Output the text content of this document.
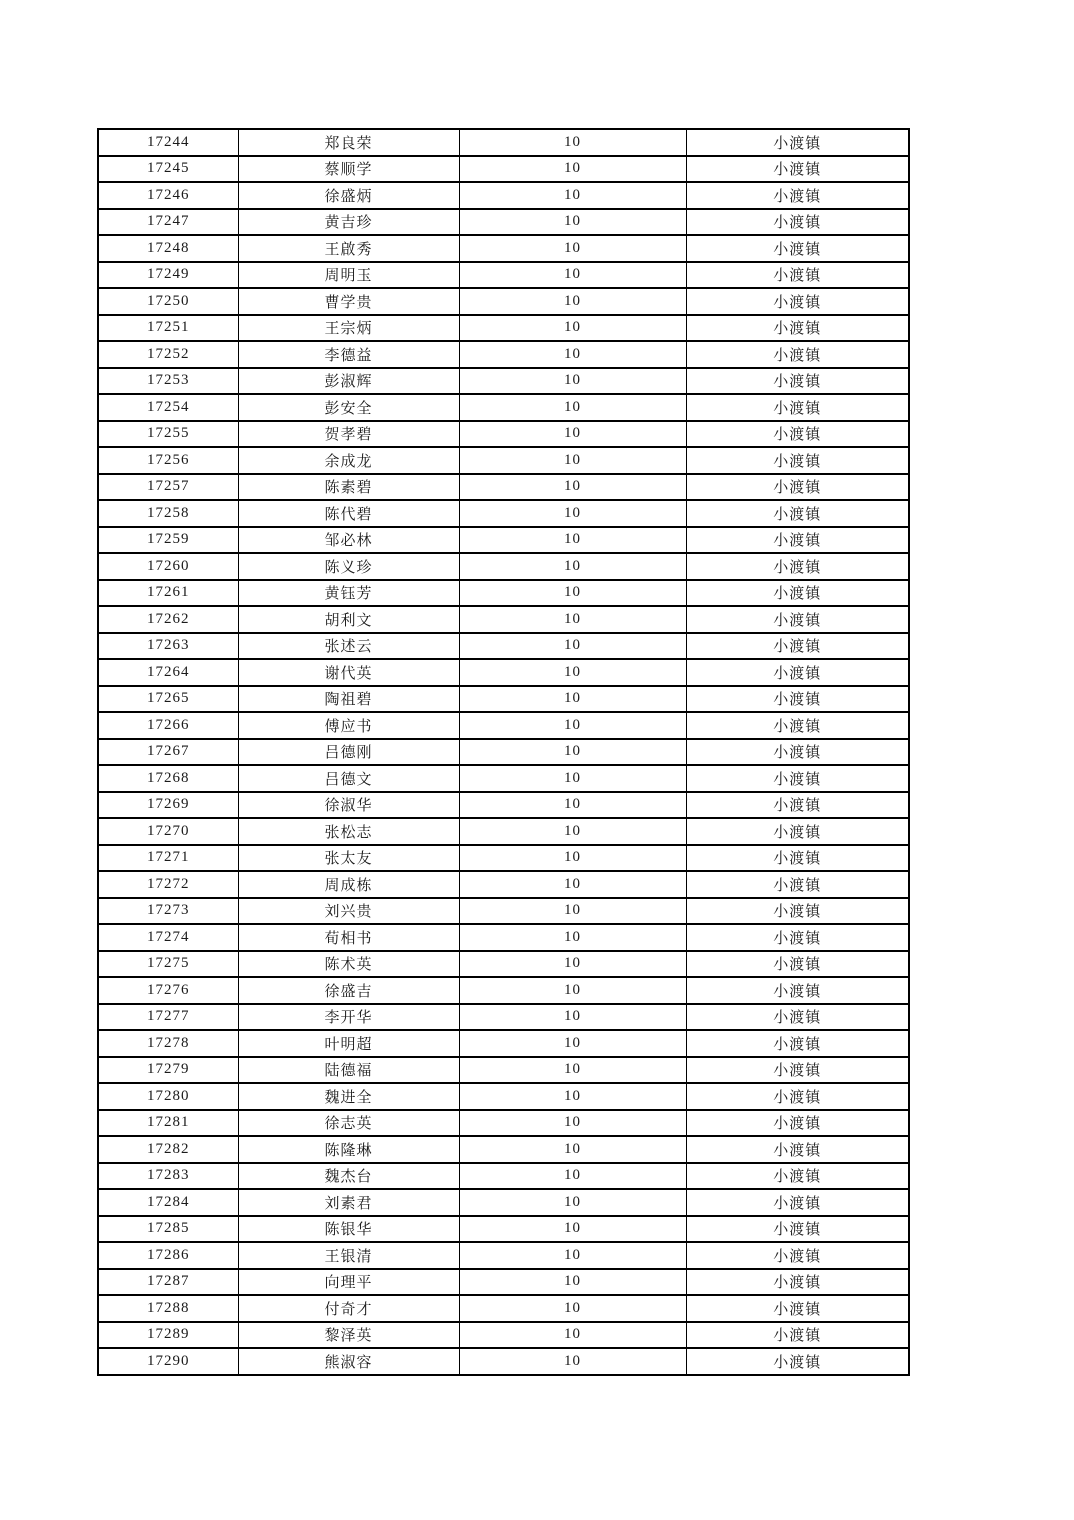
17244	郑良荣	10	小渡镇
17245	蔡顺学	10	小渡镇
17246	徐盛炳	10	小渡镇
17247	黄吉珍	10	小渡镇
17248	王啟秀	10	小渡镇
17249	周明玉	10	小渡镇
17250	曹学贵	10	小渡镇
17251	王宗炳	10	小渡镇
17252	李德益	10	小渡镇
17253	彭淑辉	10	小渡镇
17254	彭安全	10	小渡镇
17255	贺孝碧	10	小渡镇
17256	余成龙	10	小渡镇
17257	陈素碧	10	小渡镇
17258	陈代碧	10	小渡镇
17259	邹必林	10	小渡镇
17260	陈义珍	10	小渡镇
17261	黄钰芳	10	小渡镇
17262	胡利文	10	小渡镇
17263	张述云	10	小渡镇
17264	谢代英	10	小渡镇
17265	陶祖碧	10	小渡镇
17266	傅应书	10	小渡镇
17267	吕德刚	10	小渡镇
17268	吕德文	10	小渡镇
17269	徐淑华	10	小渡镇
17270	张松志	10	小渡镇
17271	张太友	10	小渡镇
17272	周成栋	10	小渡镇
17273	刘兴贵	10	小渡镇
17274	荀相书	10	小渡镇
17275	陈术英	10	小渡镇
17276	徐盛吉	10	小渡镇
17277	李开华	10	小渡镇
17278	叶明超	10	小渡镇
17279	陆德福	10	小渡镇
17280	魏进全	10	小渡镇
17281	徐志英	10	小渡镇
17282	陈隆琳	10	小渡镇
17283	魏杰台	10	小渡镇
17284	刘素君	10	小渡镇
17285	陈银华	10	小渡镇
17286	王银清	10	小渡镇
17287	向理平	10	小渡镇
17288	付奇才	10	小渡镇
17289	黎泽英	10	小渡镇
17290	熊淑容	10	小渡镇
